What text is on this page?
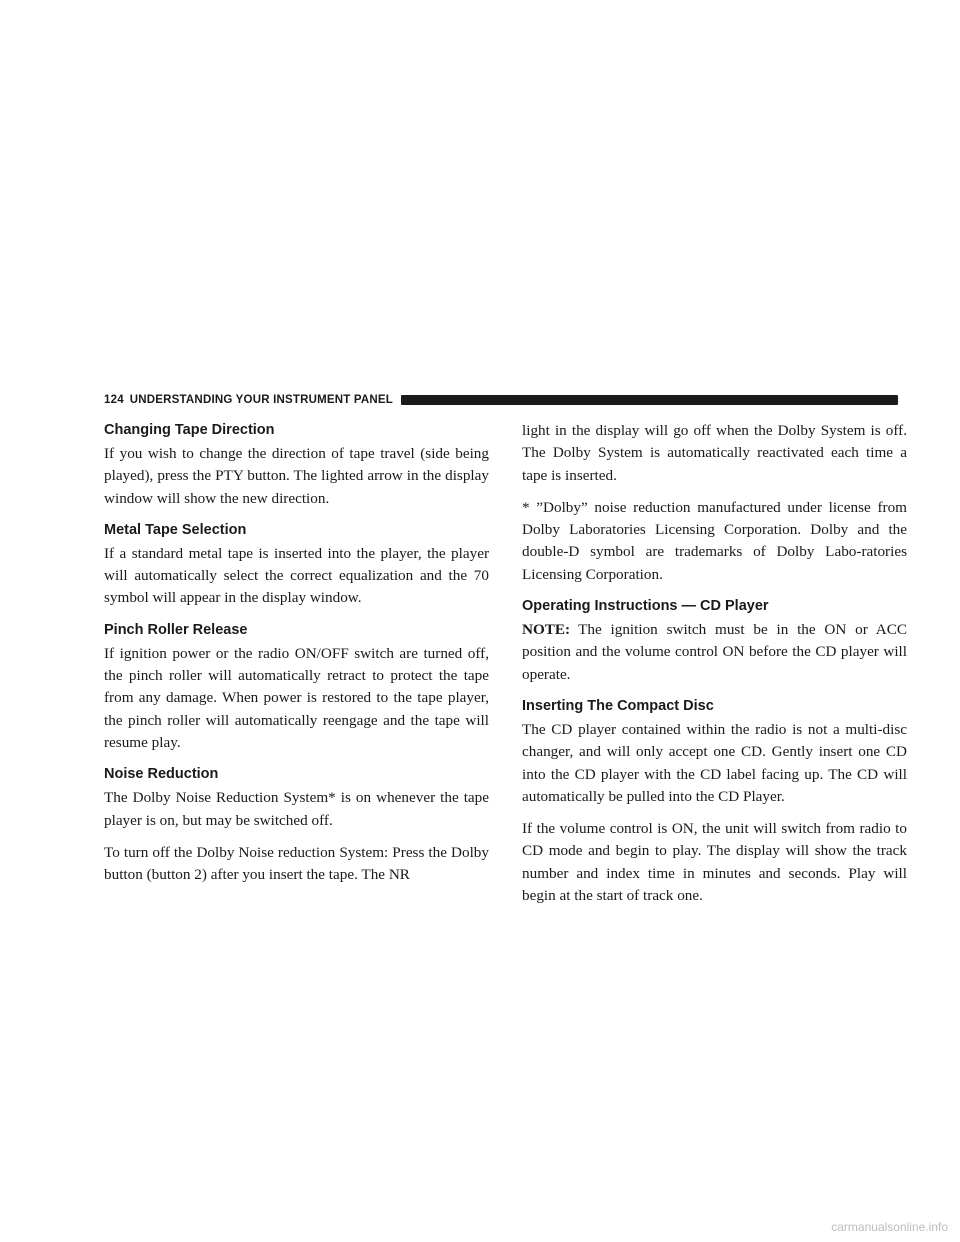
124 UNDERSTANDING YOUR INSTRUMENT PANEL
Changing Tape Direction

If you wish to change the direction of tape travel (side being played), press the PTY button. The lighted arrow in the display window will show the new direction.

Metal Tape Selection

If a standard metal tape is inserted into the player, the player will automatically select the correct equalization and the 70 symbol will appear in the display window.

Pinch Roller Release

If ignition power or the radio ON/OFF switch are turned off, the pinch roller will automatically retract to protect the tape from any damage. When power is restored to the tape player, the pinch roller will automatically reengage and the tape will resume play.

Noise Reduction

The Dolby Noise Reduction System* is on whenever the tape player is on, but may be switched off.

To turn off the Dolby Noise reduction System: Press the Dolby button (button 2) after you insert the tape. The NR

light in the display will go off when the Dolby System is off. The Dolby System is automatically reactivated each time a tape is inserted.

* ”Dolby” noise reduction manufactured under license from Dolby Laboratories Licensing Corporation. Dolby and the double-D symbol are trademarks of Dolby Labo-ratories Licensing Corporation.

Operating Instructions — CD Player

NOTE: The ignition switch must be in the ON or ACC position and the volume control ON before the CD player will operate.

Inserting The Compact Disc

The CD player contained within the radio is not a multi-disc changer, and will only accept one CD. Gently insert one CD into the CD player with the CD label facing up. The CD will automatically be pulled into the CD Player.

If the volume control is ON, the unit will switch from radio to CD mode and begin to play. The display will show the track number and index time in minutes and seconds. Play will begin at the start of track one.

carmanualsonline.info
